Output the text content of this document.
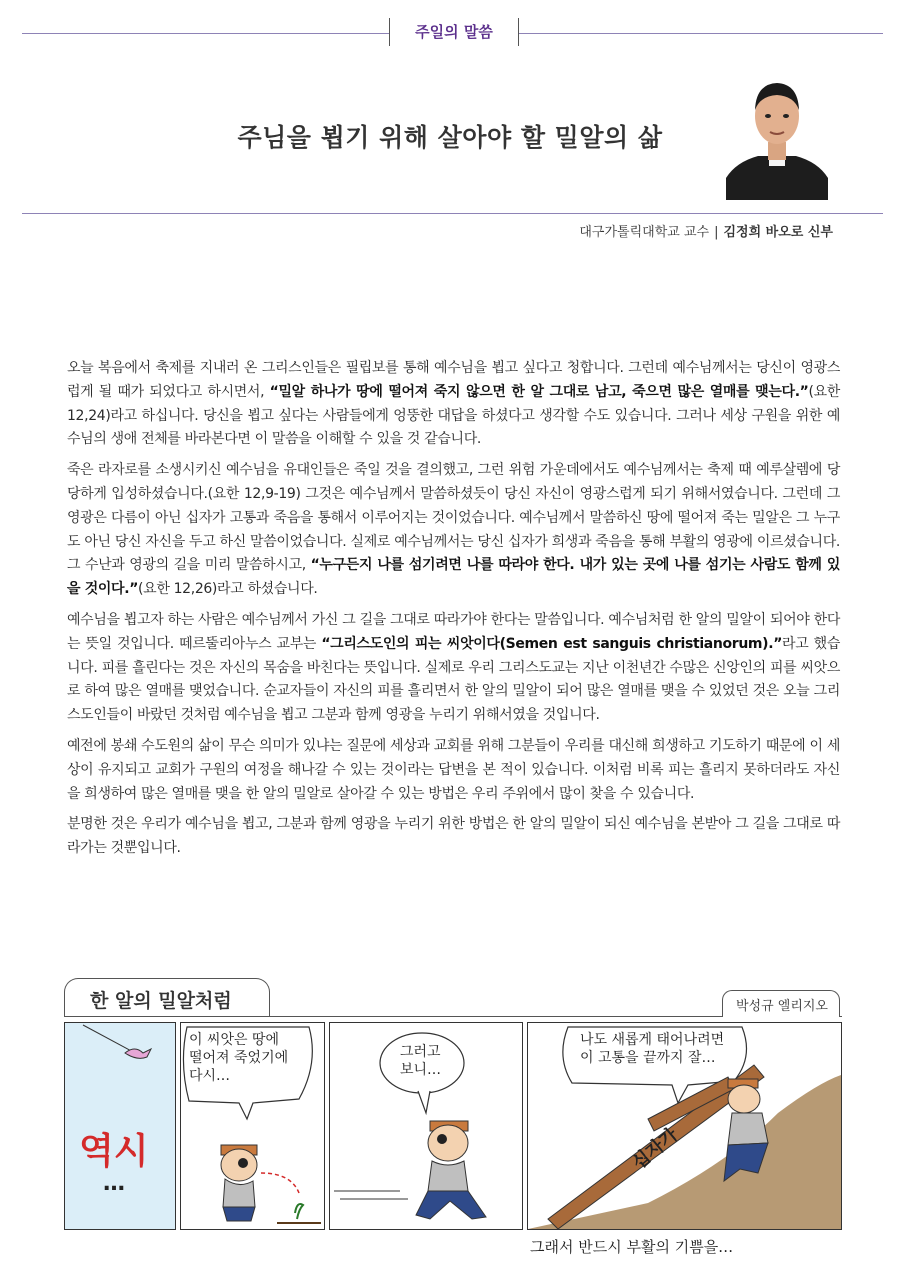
주일의 말씀
주님을 뵙기 위해 살아야 할 밀알의 삶
대구가톨릭대학교 교수 | 김정희 바오로 신부

오늘 복음에서 축제를 지내러 온 그리스인들은 필립보를 통해 예수님을 뵙고 싶다고 청합니다. 그런데 예수님께서는 당신이 영광스럽게 될 때가 되었다고 하시면서, “밀알 하나가 땅에 떨어져 죽지 않으면 한 알 그대로 남고, 죽으면 많은 열매를 맺는다.”(요한 12,24)라고 하십니다. 당신을 뵙고 싶다는 사람들에게 엉뚱한 대답을 하셨다고 생각할 수도 있습니다. 그러나 세상 구원을 위한 예수님의 생애 전체를 바라본다면 이 말씀을 이해할 수 있을 것 같습니다.

죽은 라자로를 소생시키신 예수님을 유대인들은 죽일 것을 결의했고, 그런 위험 가운데에서도 예수님께서는 축제 때 예루살렘에 당당하게 입성하셨습니다.(요한 12,9-19) 그것은 예수님께서 말씀하셨듯이 당신 자신이 영광스럽게 되기 위해서였습니다. 그런데 그 영광은 다름이 아닌 십자가 고통과 죽음을 통해서 이루어지는 것이었습니다. 예수님께서 말씀하신 땅에 떨어져 죽는 밀알은 그 누구도 아닌 당신 자신을 두고 하신 말씀이었습니다. 실제로 예수님께서는 당신 십자가 희생과 죽음을 통해 부활의 영광에 이르셨습니다. 그 수난과 영광의 길을 미리 말씀하시고, “누구든지 나를 섬기려면 나를 따라야 한다. 내가 있는 곳에 나를 섬기는 사람도 함께 있을 것이다.”(요한 12,26)라고 하셨습니다.

예수님을 뵙고자 하는 사람은 예수님께서 가신 그 길을 그대로 따라가야 한다는 말씀입니다. 예수님처럼 한 알의 밀알이 되어야 한다는 뜻일 것입니다. 떼르뚤리아누스 교부는 “그리스도인의 피는 씨앗이다(Semen est sanguis christianorum).”라고 했습니다. 피를 흘린다는 것은 자신의 목숨을 바친다는 뜻입니다. 실제로 우리 그리스도교는 지난 이천년간 수많은 신앙인의 피를 씨앗으로 하여 많은 열매를 맺었습니다. 순교자들이 자신의 피를 흘리면서 한 알의 밀알이 되어 많은 열매를 맺을 수 있었던 것은 오늘 그리스도인들이 바랐던 것처럼 예수님을 뵙고 그분과 함께 영광을 누리기 위해서였을 것입니다.

예전에 봉쇄 수도원의 삶이 무슨 의미가 있냐는 질문에 세상과 교회를 위해 그분들이 우리를 대신해 희생하고 기도하기 때문에 이 세상이 유지되고 교회가 구원의 여정을 해나갈 수 있는 것이라는 답변을 본 적이 있습니다. 이처럼 비록 피는 흘리지 못하더라도 자신을 희생하여 많은 열매를 맺을 한 알의 밀알로 살아갈 수 있는 방법은 우리 주위에서 많이 찾을 수 있습니다.

분명한 것은 우리가 예수님을 뵙고, 그분과 함께 영광을 누리기 위한 방법은 한 알의 밀알이 되신 예수님을 본받아 그 길을 그대로 따라가는 것뿐입니다.

한 알의 밀알처럼	박성규 엘리지오
역시
…
이 씨앗은 땅에
떨어져 죽었기에
다시…
그러고
보니…
십자가
나도 새롭게 태어나려면
이 고통을 끝까지 잘…
그래서 반드시 부활의 기쁨을…
